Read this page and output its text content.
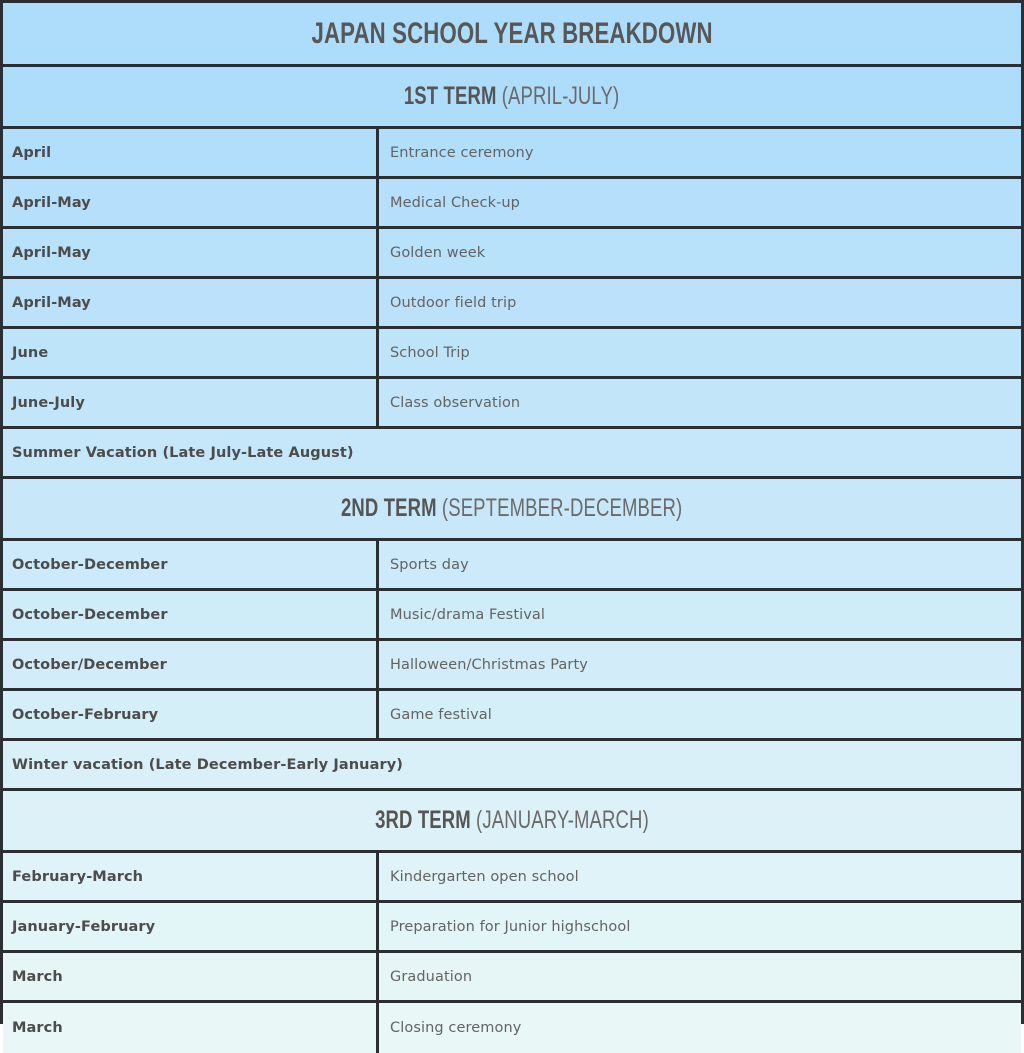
JAPAN SCHOOL YEAR BREAKDOWN
1ST TERM (APRIL-JULY)
April	Entrance ceremony
April-May	Medical Check-up
April-May	Golden week
April-May	Outdoor field trip
June	School Trip
June-July	Class observation
Summer Vacation (Late July-Late August)
2ND TERM (SEPTEMBER-DECEMBER)
October-December	Sports day
October-December	Music/drama Festival
October/December	Halloween/Christmas Party
October-February	Game festival
Winter vacation (Late December-Early January)
3RD TERM (JANUARY-MARCH)
February-March	Kindergarten open school
January-February	Preparation for Junior highschool
March	Graduation
March	Closing ceremony
